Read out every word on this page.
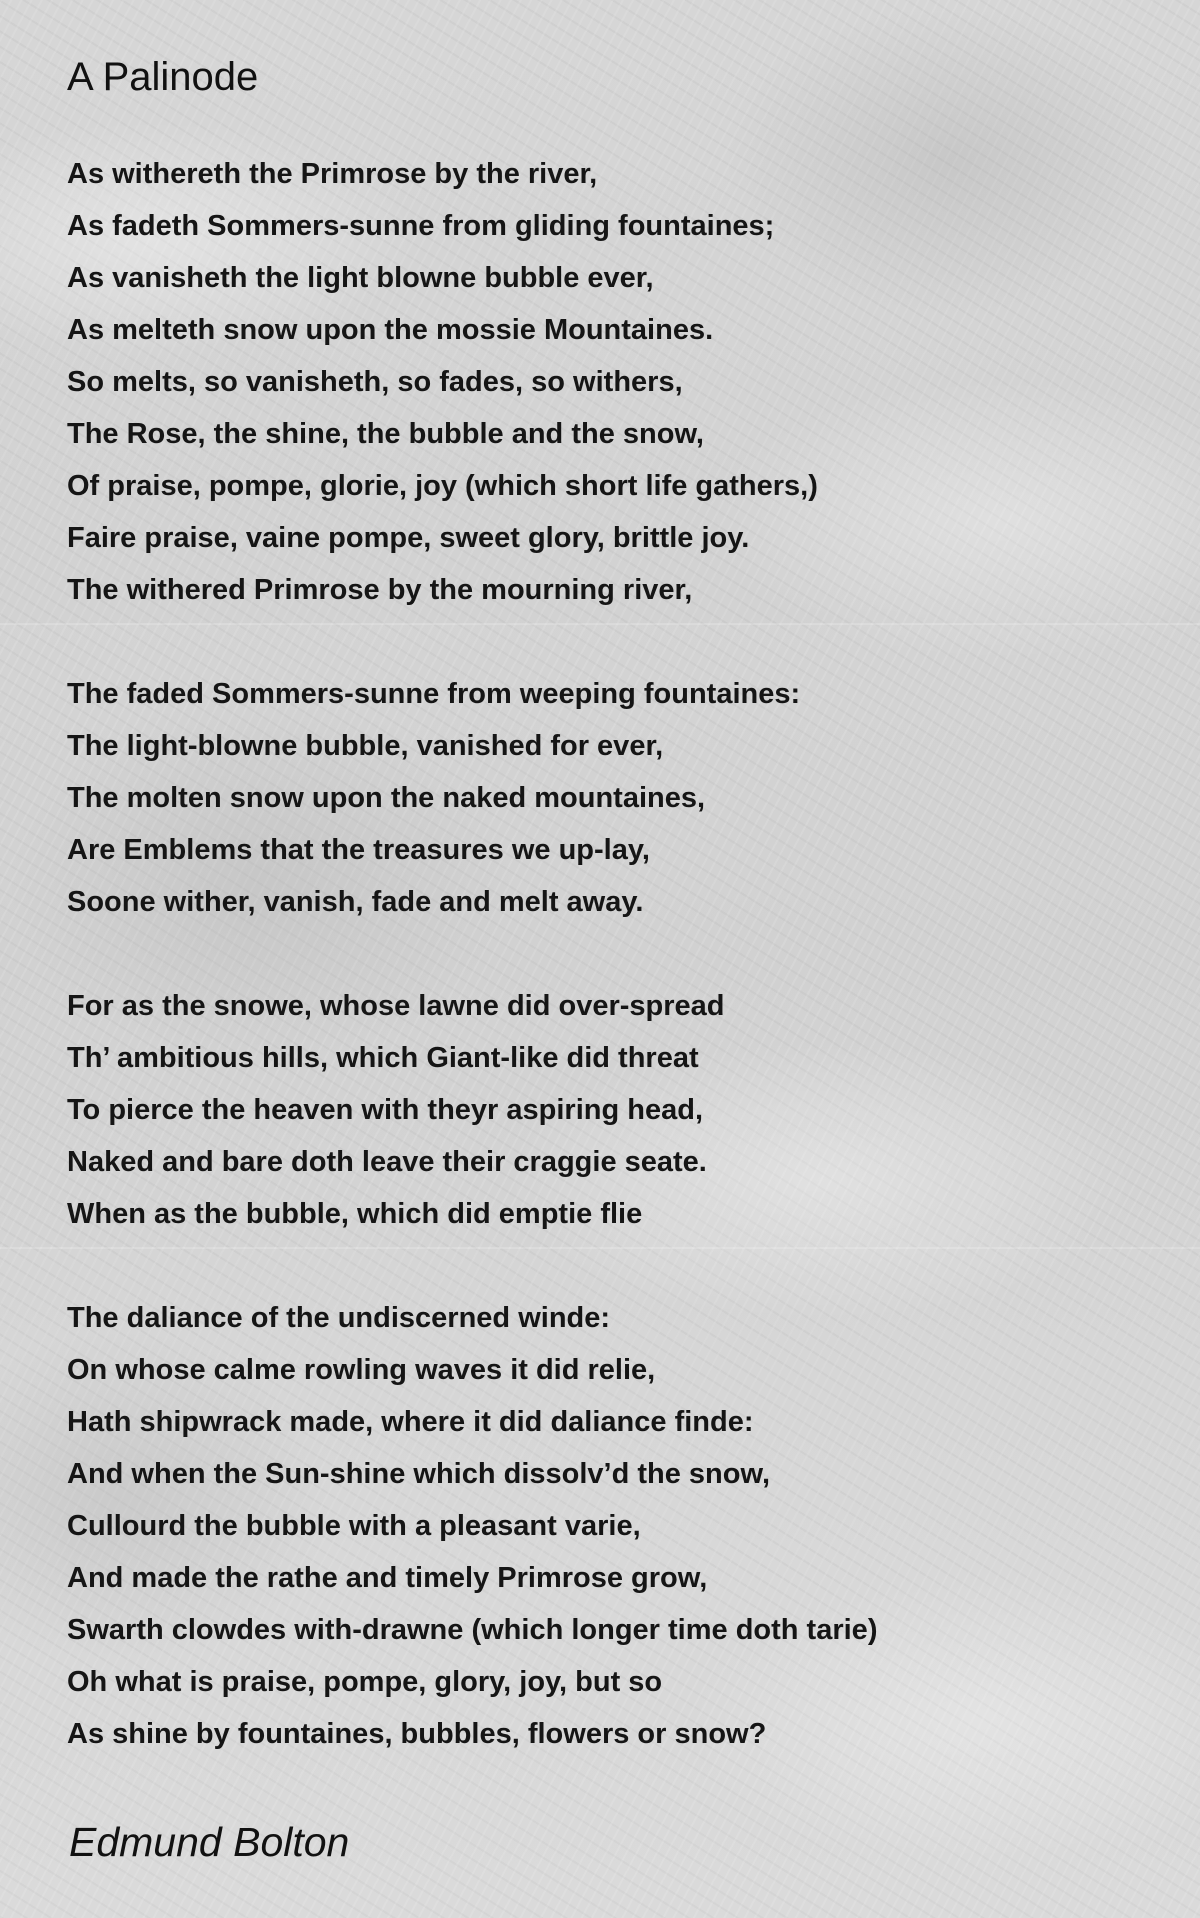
A Palinode
As withereth the Primrose by the river,
As fadeth Sommers-sunne from gliding fountaines;
As vanisheth the light blowne bubble ever,
As melteth snow upon the mossie Mountaines.
So melts, so vanisheth, so fades, so withers,
The Rose, the shine, the bubble and the snow,
Of praise, pompe, glorie, joy (which short life gathers,)
Faire praise, vaine pompe, sweet glory, brittle joy.
The withered Primrose by the mourning river,
The faded Sommers-sunne from weeping fountaines:
The light-blowne bubble, vanished for ever,
The molten snow upon the naked mountaines,
Are Emblems that the treasures we up-lay,
Soone wither, vanish, fade and melt away.
For as the snowe, whose lawne did over-spread
Th’ ambitious hills, which Giant-like did threat
To pierce the heaven with theyr aspiring head,
Naked and bare doth leave their craggie seate.
When as the bubble, which did emptie flie
The daliance of the undiscerned winde:
On whose calme rowling waves it did relie,
Hath shipwrack made, where it did daliance finde:
And when the Sun-shine which dissolv’d the snow,
Cullourd the bubble with a pleasant varie,
And made the rathe and timely Primrose grow,
Swarth clowdes with-drawne (which longer time doth tarie)
Oh what is praise, pompe, glory, joy, but so
As shine by fountaines, bubbles, flowers or snow?
Edmund Bolton
